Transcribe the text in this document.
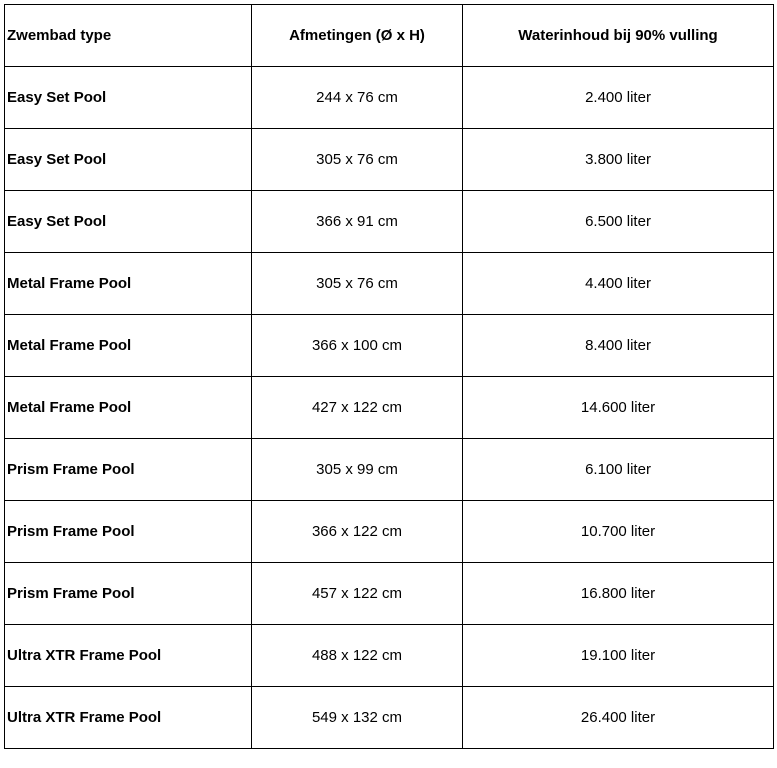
Zwembad type	Afmetingen (Ø x H)	Waterinhoud bij 90% vulling
Easy Set Pool	244 x 76 cm	2.400 liter
Easy Set Pool	305 x 76 cm	3.800 liter
Easy Set Pool	366 x 91 cm	6.500 liter
Metal Frame Pool	305 x 76 cm	4.400 liter
Metal Frame Pool	366 x 100 cm	8.400 liter
Metal Frame Pool	427 x 122 cm	14.600 liter
Prism Frame Pool	305 x 99 cm	6.100 liter
Prism Frame Pool	366 x 122 cm	10.700 liter
Prism Frame Pool	457 x 122 cm	16.800 liter
Ultra XTR Frame Pool	488 x 122 cm	19.100 liter
Ultra XTR Frame Pool	549 x 132 cm	26.400 liter
